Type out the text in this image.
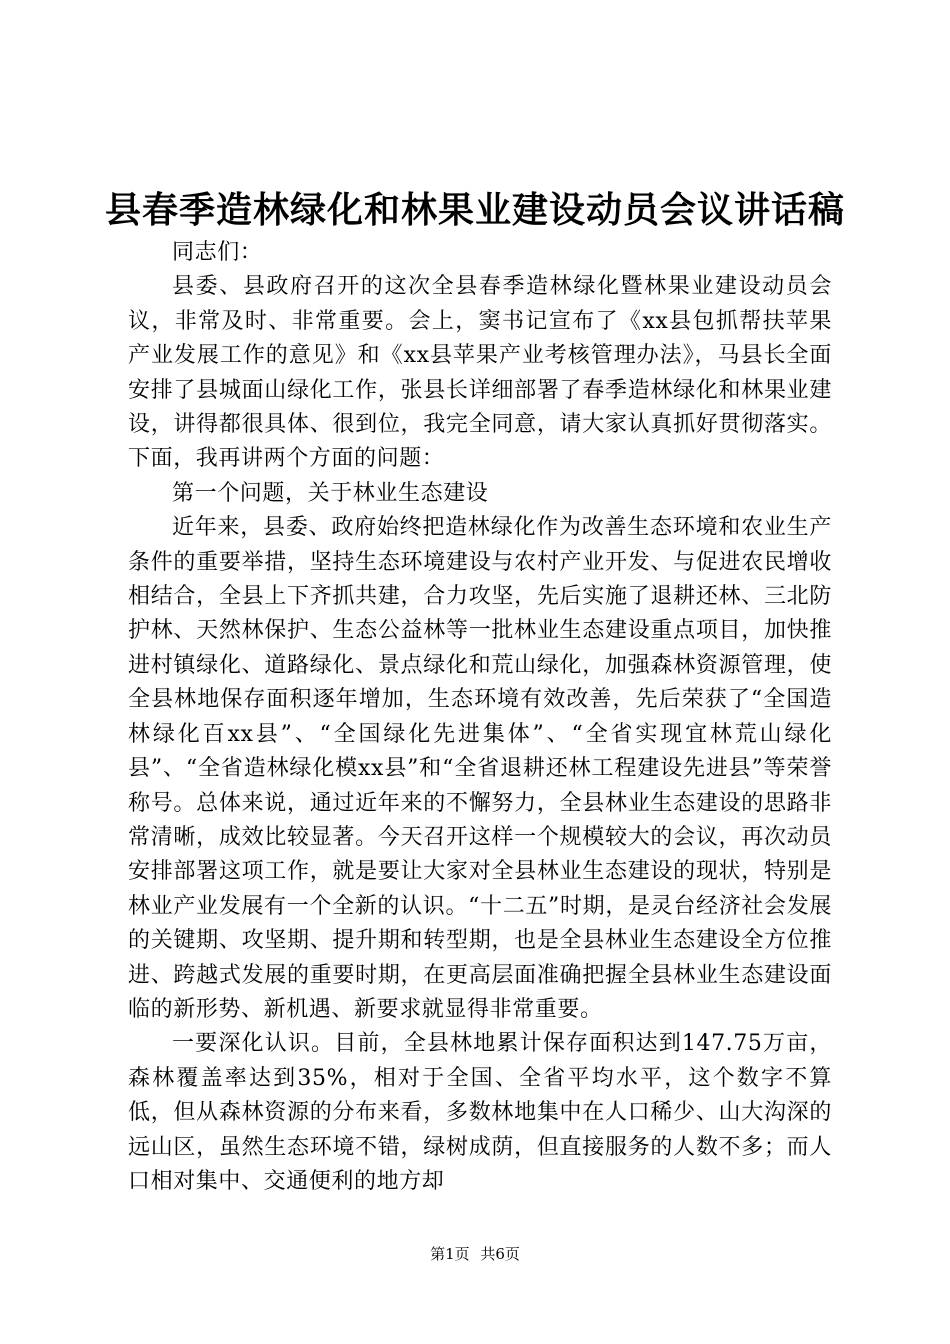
县春季造林绿化和林果业建设动员会议讲话稿

同志们：

县委、县政府召开的这次全县春季造林绿化暨林果业建设动员会议，非常及时、非常重要。会上，窦书记宣布了《xx县包抓帮扶苹果产业发展工作的意见》和《xx县苹果产业考核管理办法》，马县长全面安排了县城面山绿化工作，张县长详细部署了春季造林绿化和林果业建设，讲得都很具体、很到位，我完全同意，请大家认真抓好贯彻落实。下面，我再讲两个方面的问题：

第一个问题，关于林业生态建设

近年来，县委、政府始终把造林绿化作为改善生态环境和农业生产条件的重要举措，坚持生态环境建设与农村产业开发、与促进农民增收相结合，全县上下齐抓共建，合力攻坚，先后实施了退耕还林、三北防护林、天然林保护、生态公益林等一批林业生态建设重点项目，加快推进村镇绿化、道路绿化、景点绿化和荒山绿化，加强森林资源管理，使全县林地保存面积逐年增加，生态环境有效改善，先后荣获了“全国造林绿化百xx县”、“全国绿化先进集体”、“全省实现宜林荒山绿化县”、“全省造林绿化模xx县”和“全省退耕还林工程建设先进县”等荣誉称号。总体来说，通过近年来的不懈努力，全县林业生态建设的思路非常清晰，成效比较显著。今天召开这样一个规模较大的会议，再次动员安排部署这项工作，就是要让大家对全县林业生态建设的现状，特别是林业产业发展有一个全新的认识。“十二五”时期，是灵台经济社会发展的关键期、攻坚期、提升期和转型期，也是全县林业生态建设全方位推进、跨越式发展的重要时期，在更高层面准确把握全县林业生态建设面临的新形势、新机遇、新要求就显得非常重要。

一要深化认识。目前，全县林地累计保存面积达到147.75万亩，森林覆盖率达到35%，相对于全国、全省平均水平，这个数字不算低，但从森林资源的分布来看，多数林地集中在人口稀少、山大沟深的远山区，虽然生态环境不错，绿树成荫，但直接服务的人数不多；而人口相对集中、交通便利的地方却

第1页 共6页
